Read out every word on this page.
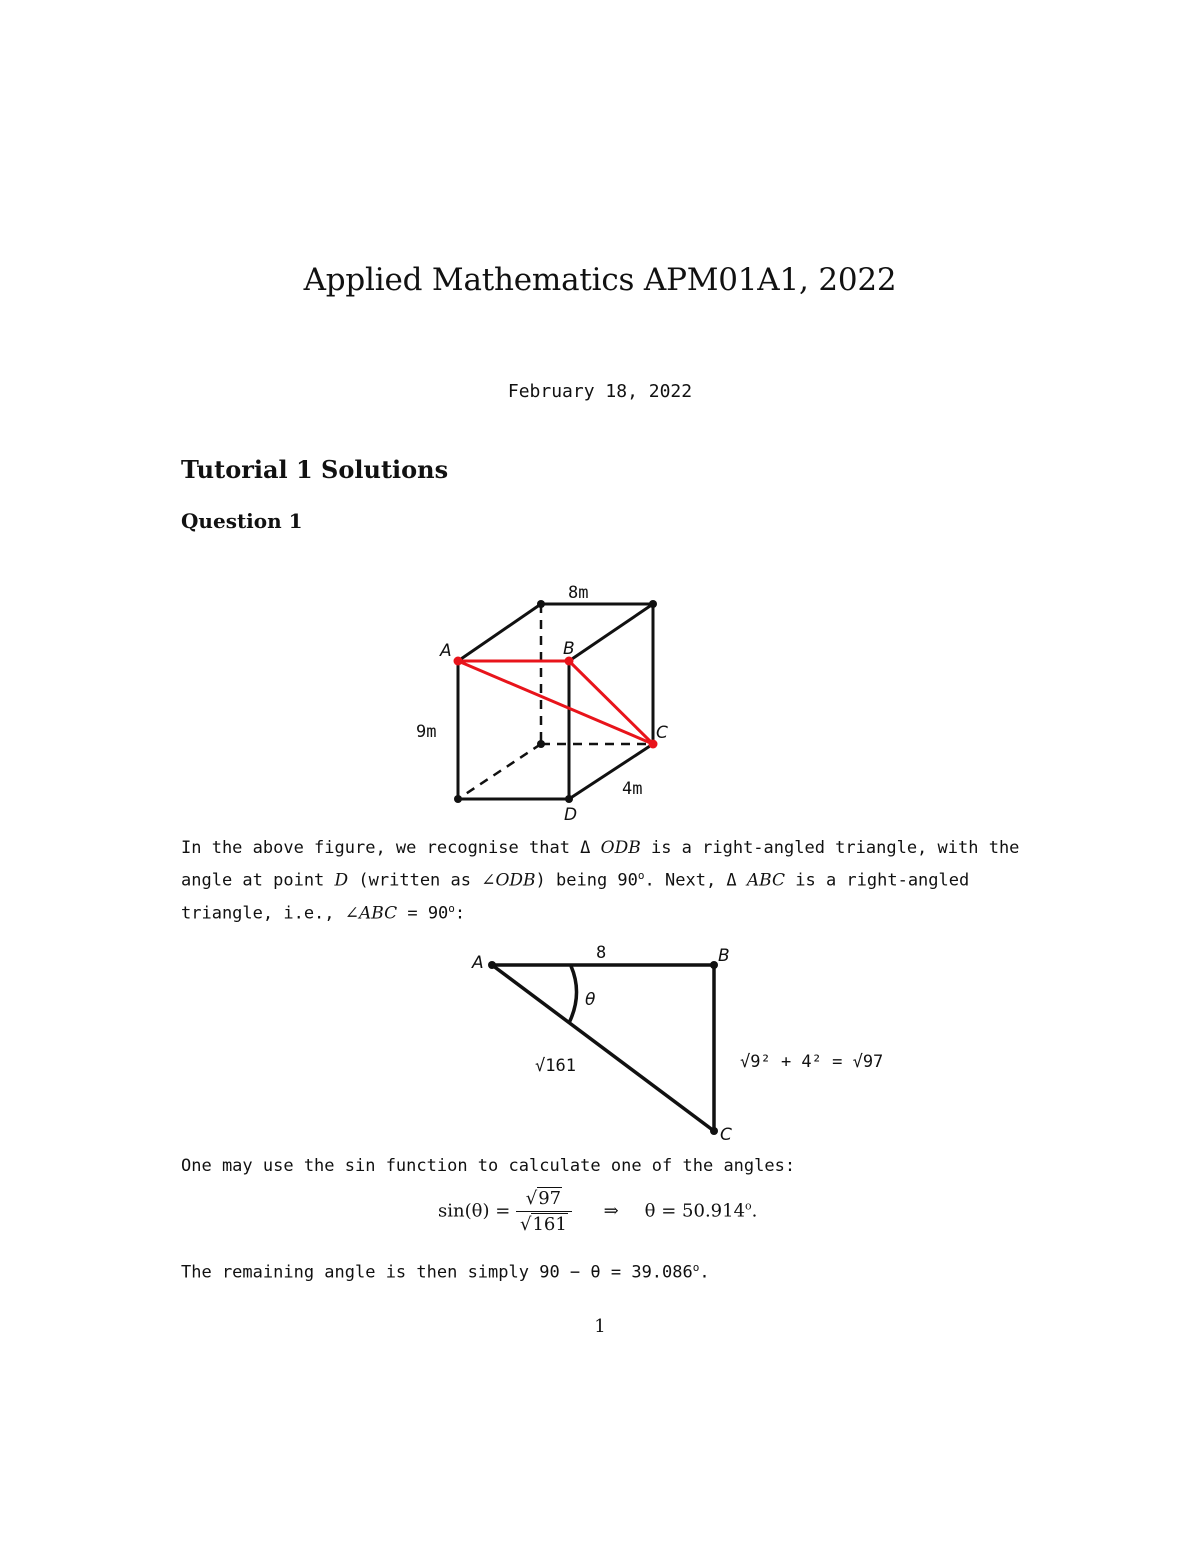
Applied Mathematics APM01A1, 2022
February 18, 2022
Tutorial 1 Solutions
Question 1
8m
9m
4m
A	B
C
D
8
θ
√161	√9² + 4² = √97
A	B
C
In the above figure, we recognise that Δ ODB is a right-angled triangle, with the angle at point D (written as ∠ODB) being 90$^o$. Next, Δ ABC is a right-angled triangle, i.e., ∠ABC = $90^o$:
One may use the sin function to calculate one of the angles:
$\sin(\theta) = \frac{√97}{√161}$ ⇒ $\theta = 50.914^o$.
The remaining angle is then simply $90 - \theta = 39.086^o$.
1
